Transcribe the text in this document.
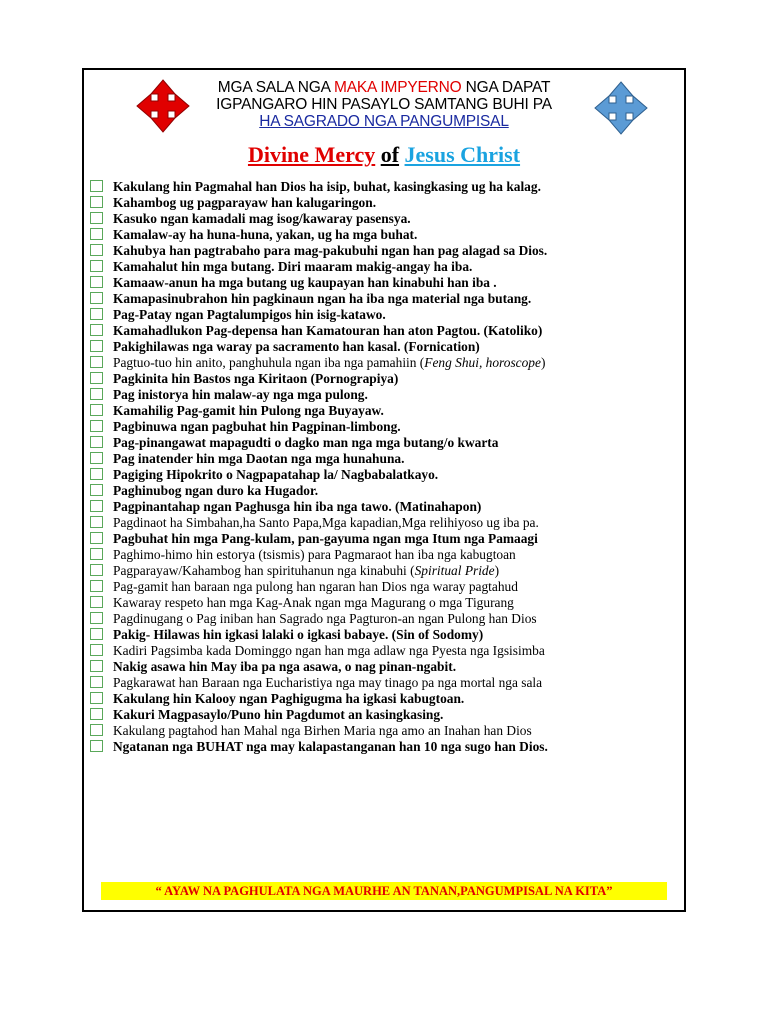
MGA SALA NGA MAKA IMPYERNO NGA DAPAT
IGPANGARO HIN PASAYLO SAMTANG BUHI PA
HA SAGRADO NGA PANGUMPISAL
Divine Mercy of Jesus Christ
Kakulang hin Pagmahal han Dios ha isip, buhat, kasingkasing ug ha kalag.
Kahambog ug pagparayaw han kalugaringon.
Kasuko ngan kamadali mag isog/kawaray pasensya.
Kamalaw-ay ha huna-huna, yakan, ug ha mga buhat.
Kahubya han pagtrabaho para mag-pakubuhi ngan han pag alagad sa Dios.
Kamahalut hin mga butang. Diri maaram makig-angay ha iba.
Kamaaw-anun ha mga butang ug kaupayan han kinabuhi han iba .
Kamapasinubrahon hin pagkinaun ngan ha iba nga material nga butang.
Pag-Patay ngan Pagtalumpigos hin isig-katawo.
Kamahadlukon Pag-depensa han Kamatouran han aton Pagtou. (Katoliko)
Pakighilawas nga waray pa sacramento han kasal. (Fornication)
Pagtuo-tuo hin anito, panghuhula ngan iba nga pamahiin (Feng Shui, horoscope)
Pagkinita hin Bastos nga Kiritaon (Pornograpiya)
Pag inistorya hin malaw-ay nga mga pulong.
Kamahilig Pag-gamit hin Pulong nga Buyayaw.
Pagbinuwa ngan pagbuhat hin Pagpinan-limbong.
Pag-pinangawat mapagudti o dagko man nga mga butang/o kwarta
Pag inatender hin mga Daotan nga mga hunahuna.
Pagiging Hipokrito o Nagpapatahap la/ Nagbabalatkayo.
Paghinubog ngan duro ka Hugador.
Pagpinantahap ngan Paghusga hin iba nga tawo. (Matinahapon)
Pagdinaot ha Simbahan,ha Santo Papa,Mga kapadian,Mga relihiyoso ug iba pa.
Pagbuhat hin mga Pang-kulam, pan-gayuma ngan mga Itum nga Pamaagi
Paghimo-himo hin estorya (tsismis) para Pagmaraot han iba nga kabugtoan
Pagparayaw/Kahambog han spirituhanun nga kinabuhi (Spiritual Pride)
Pag-gamit han baraan nga pulong han ngaran han Dios nga waray pagtahud
Kawaray respeto han mga Kag-Anak ngan mga Magurang o mga Tigurang
Pagdinugang o Pag iniban han Sagrado nga Pagturon-an ngan Pulong han Dios
Pakig- Hilawas hin igkasi lalaki o igkasi babaye. (Sin of Sodomy)
Kadiri Pagsimba kada Dominggo ngan han mga adlaw nga Pyesta nga Igsisimba
Nakig asawa hin May iba pa nga asawa, o nag pinan-ngabit.
Pagkarawat han Baraan nga Eucharistiya nga may tinago pa nga mortal nga sala
Kakulang hin Kalooy ngan Paghigugma ha igkasi kabugtoan.
Kakuri Magpasaylo/Puno hin Pagdumot an kasingkasing.
Kakulang pagtahod han Mahal nga Birhen Maria nga amo an Inahan han Dios
Ngatanan nga BUHAT nga may kalapastanganan han 10 nga sugo han Dios.
“ AYAW NA PAGHULATA NGA MAURHE AN TANAN,PANGUMPISAL NA KITA”
